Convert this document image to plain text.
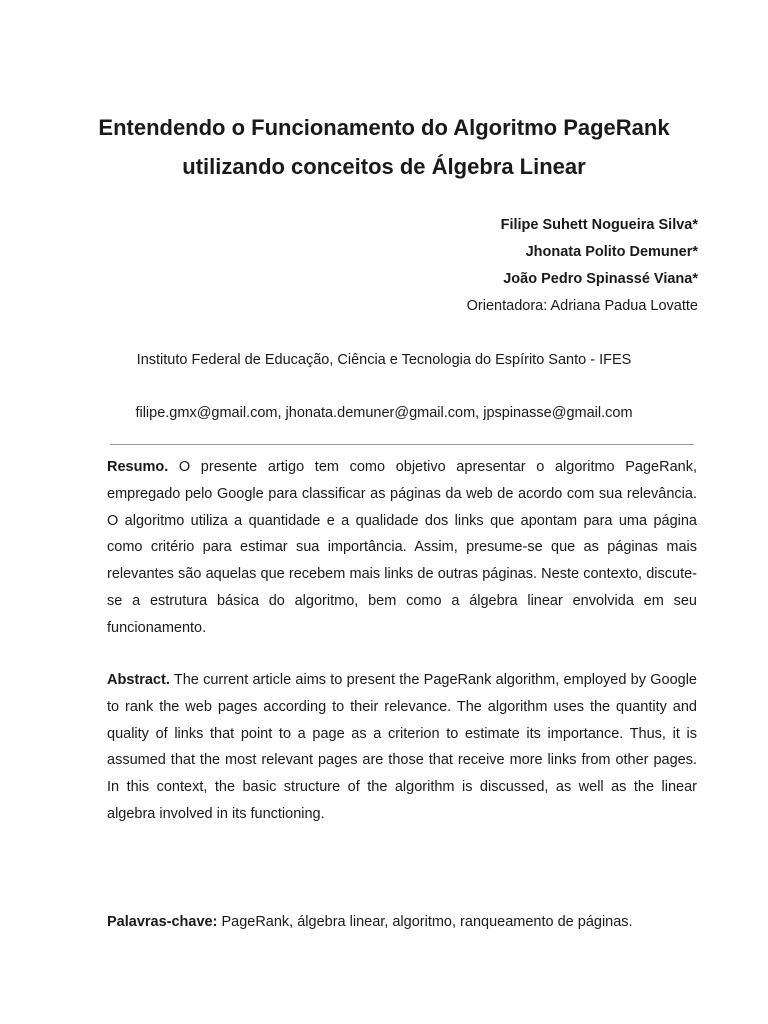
Entendendo o Funcionamento do Algoritmo PageRank
utilizando conceitos de Álgebra Linear
Filipe Suhett Nogueira Silva*
Jhonata Polito Demuner*
João Pedro Spinassé Viana*
Orientadora: Adriana Padua Lovatte
Instituto Federal de Educação, Ciência e Tecnologia do Espírito Santo - IFES
filipe.gmx@gmail.com, jhonata.demuner@gmail.com, jpspinasse@gmail.com

Resumo. O presente artigo tem como objetivo apresentar o algoritmo PageRank, empregado pelo Google para classificar as páginas da web de acordo com sua relevância. O algoritmo utiliza a quantidade e a qualidade dos links que apontam para uma página como critério para estimar sua importância. Assim, presume-se que as páginas mais relevantes são aquelas que recebem mais links de outras páginas. Neste contexto, discute-se a estrutura básica do algoritmo, bem como a álgebra linear envolvida em seu funcionamento.

Abstract. The current article aims to present the PageRank algorithm, employed by Google to rank the web pages according to their relevance. The algorithm uses the quantity and quality of links that point to a page as a criterion to estimate its importance. Thus, it is assumed that the most relevant pages are those that receive more links from other pages. In this context, the basic structure of the algorithm is discussed, as well as the linear algebra involved in its functioning.

Palavras-chave: PageRank, álgebra linear, algoritmo, ranqueamento de páginas.
